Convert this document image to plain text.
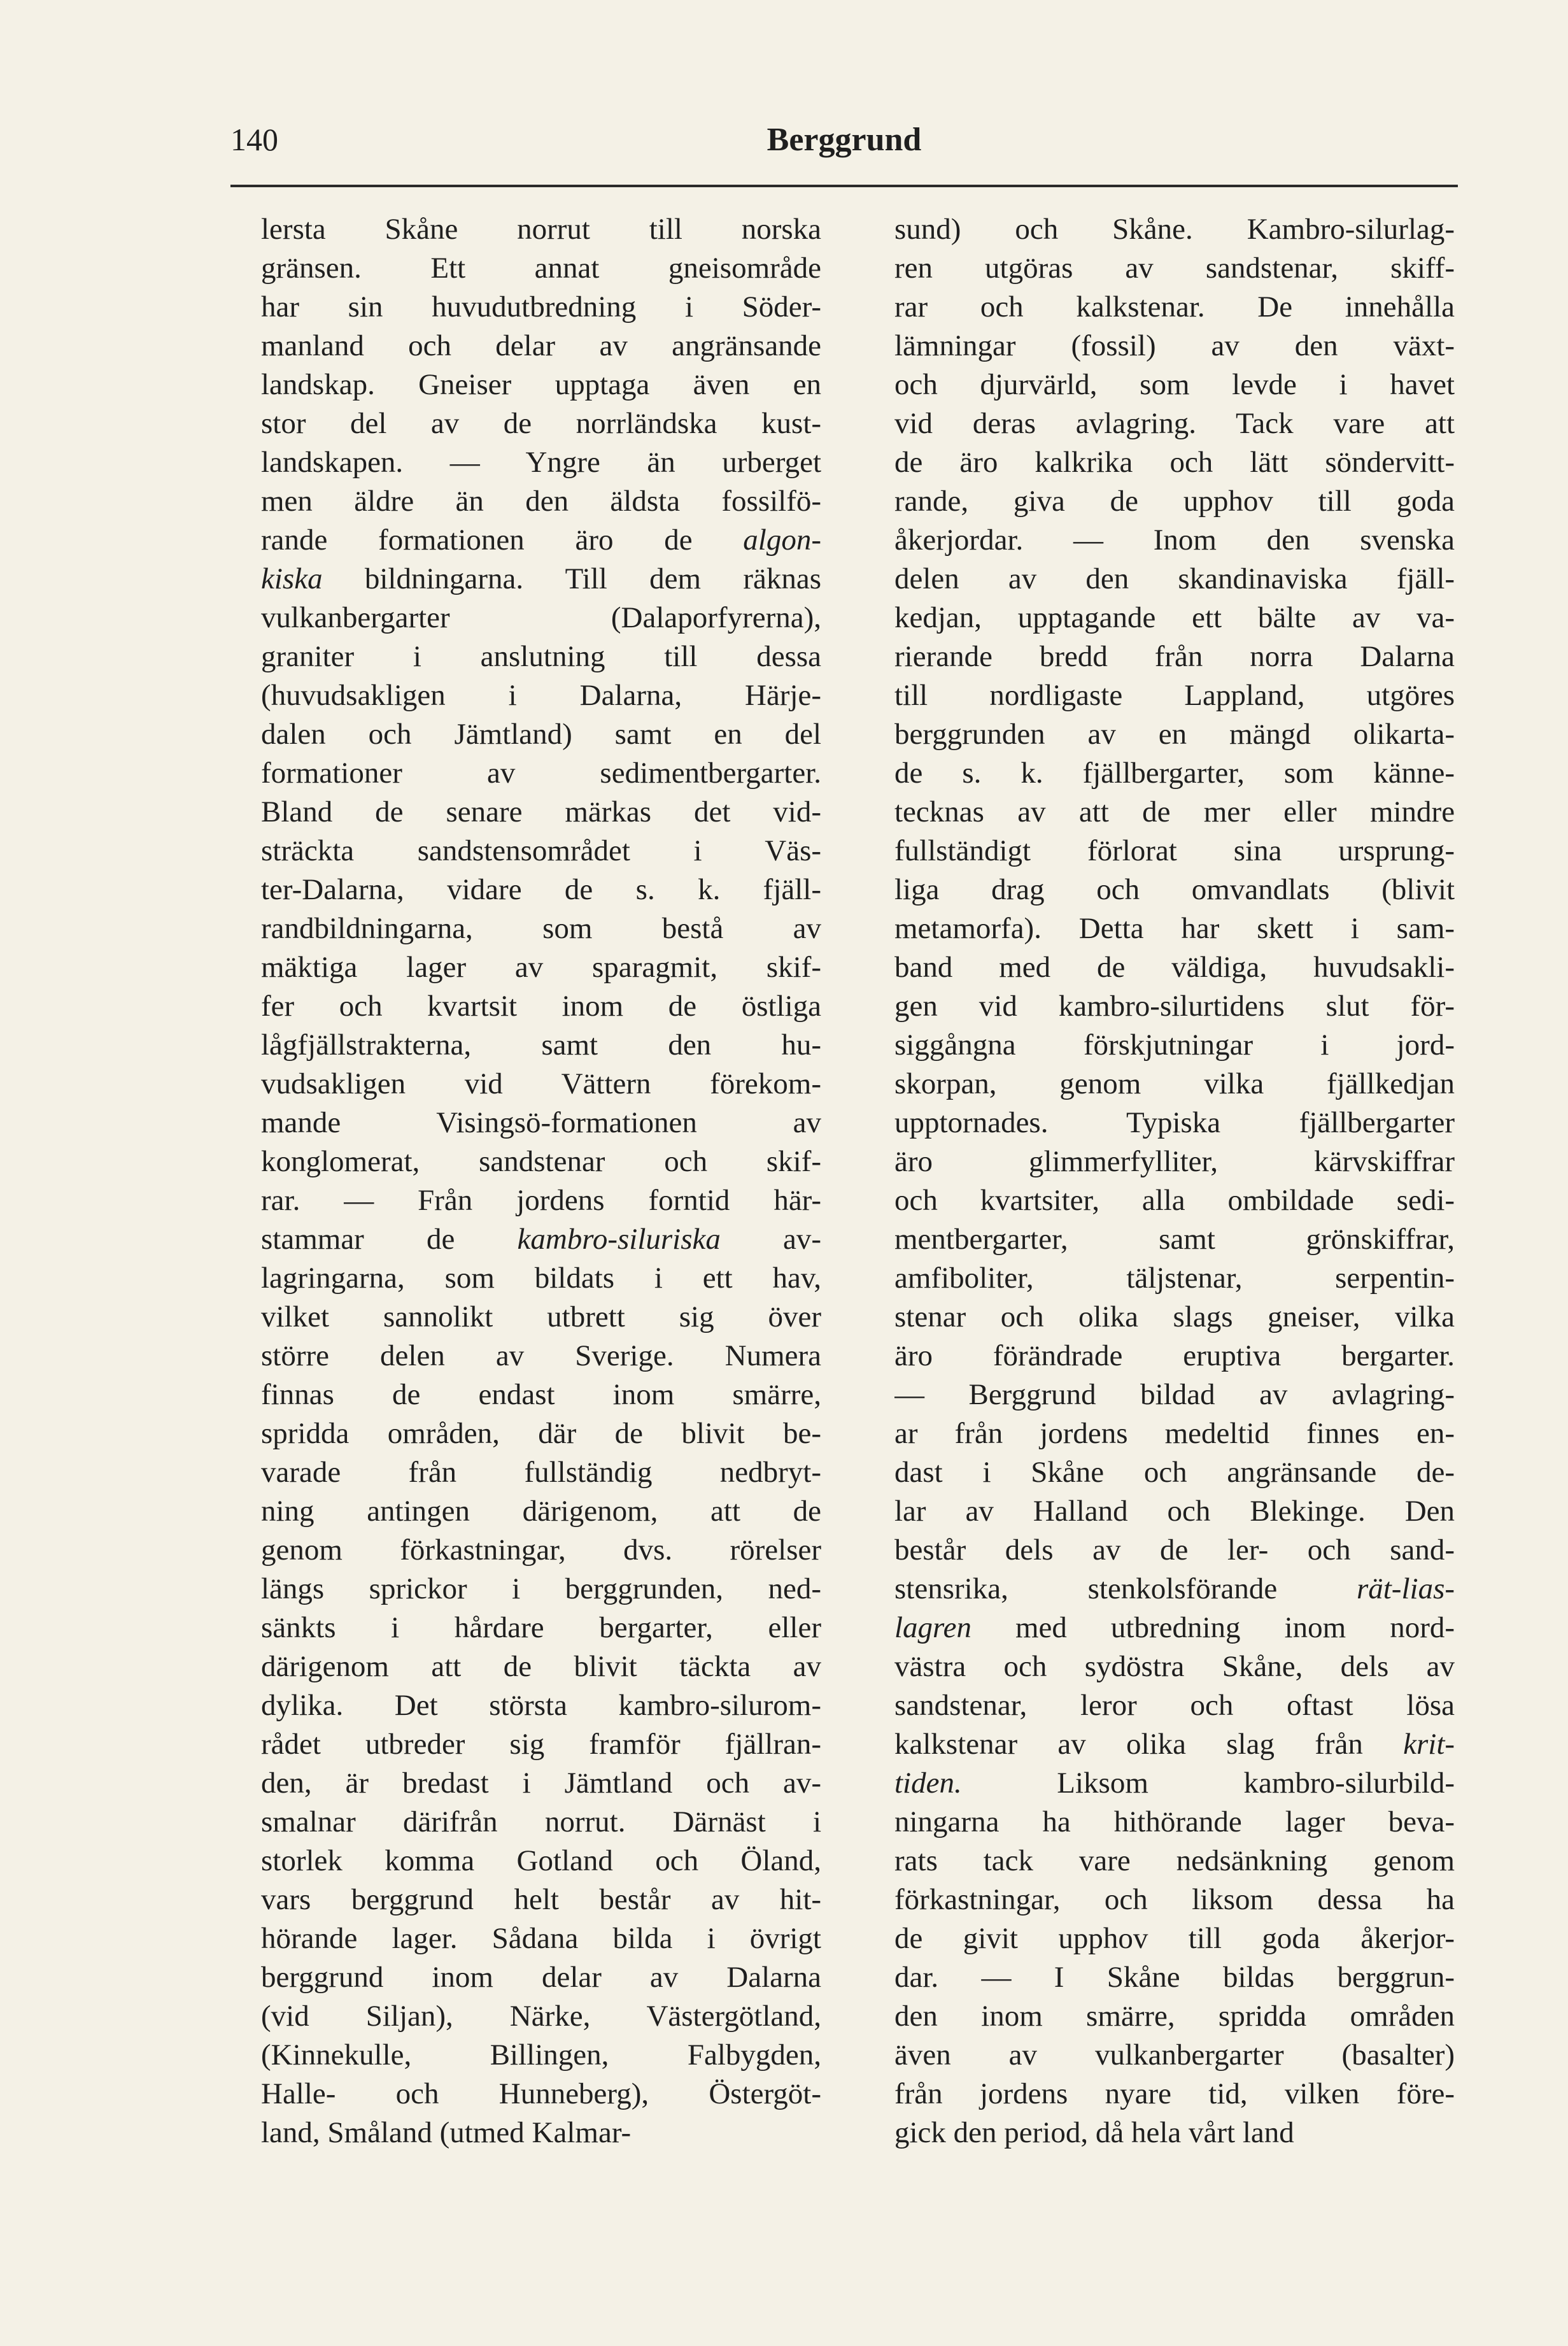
140	Berggrund
lersta Skåne norrut till norska
gränsen. Ett annat gneisområde
har sin huvudutbredning i Söder-
manland och delar av angränsande
landskap. Gneiser upptaga även en
stor del av de norrländska kust-
landskapen. — Yngre än urberget
men äldre än den äldsta fossilfö-
rande formationen äro de algon-
kiska bildningarna. Till dem räknas
vulkanbergarter	(Dalaporfyrerna),
graniter i anslutning till dessa
(huvudsakligen i Dalarna, Härje-
dalen och Jämtland) samt en del
formationer	av	sedimentbergarter.
Bland de senare märkas det vid-
sträckta sandstensområdet i Väs-
ter-Dalarna, vidare de s. k. fjäll-
randbildningarna, som bestå av
mäktiga lager av sparagmit, skif-
fer och kvartsit inom de östliga
lågfjällstrakterna, samt den hu-
vudsakligen vid Vättern förekom-
mande	Visingsö-formationen	av
konglomerat, sandstenar och skif-
rar. — Från jordens forntid här-
stammar de kambro-siluriska av-
lagringarna, som bildats i ett hav,
vilket sannolikt utbrett sig över
större delen av Sverige. Numera
finnas de endast inom smärre,
spridda områden, där de blivit be-
varade från fullständig nedbryt-
ning antingen därigenom, att de
genom förkastningar, dvs. rörelser
längs sprickor i berggrunden, ned-
sänkts i hårdare bergarter, eller
därigenom att de blivit täckta av
dylika. Det största kambro-silurom-
rådet utbreder sig framför fjällran-
den, är bredast i Jämtland och av-
smalnar därifrån norrut. Därnäst i
storlek komma Gotland och Öland,
vars berggrund helt består av hit-
hörande lager. Sådana bilda i övrigt
berggrund inom delar av Dalarna
(vid Siljan), Närke, Västergötland,
(Kinnekulle,	Billingen,	Falbygden,
Halle- och Hunneberg), Östergöt-
land, Småland (utmed Kalmar-
sund) och Skåne. Kambro-silurlag-
ren utgöras av sandstenar, skiff-
rar och kalkstenar. De innehålla
lämningar (fossil) av den växt-
och djurvärld, som levde i havet
vid deras avlagring. Tack vare att
de äro kalkrika och lätt söndervitt-
rande, giva de upphov till goda
åkerjordar. — Inom den svenska
delen av den skandinaviska fjäll-
kedjan, upptagande ett bälte av va-
rierande bredd från norra Dalarna
till nordligaste Lappland, utgöres
berggrunden av en mängd olikarta-
de s. k. fjällbergarter, som känne-
tecknas av att de mer eller mindre
fullständigt förlorat sina ursprung-
liga drag och omvandlats (blivit
metamorfa). Detta har skett i sam-
band med de väldiga, huvudsakli-
gen vid kambro-silurtidens slut för-
siggångna förskjutningar i jord-
skorpan, genom vilka fjällkedjan
upptornades.	Typiska	fjällbergarter
äro	glimmerfylliter,	kärvskiffrar
och kvartsiter, alla ombildade sedi-
mentbergarter,	samt	grönskiffrar,
amfiboliter,	täljstenar,	serpentin-
stenar och olika slags gneiser, vilka
äro förändrade eruptiva bergarter.
— Berggrund bildad av avlagring-
ar från jordens medeltid finnes en-
dast i Skåne och angränsande de-
lar av Halland och Blekinge. Den
består dels av de ler- och sand-
stensrika,	stenkolsförande	rät-lias-
lagren med utbredning inom nord-
västra och sydöstra Skåne, dels av
sandstenar, leror och oftast lösa
kalkstenar av olika slag från krit-
tiden.	Liksom	kambro-silurbild-
ningarna ha hithörande lager beva-
rats tack vare nedsänkning genom
förkastningar, och liksom dessa ha
de givit upphov till goda åkerjor-
dar. — I Skåne bildas berggrun-
den inom smärre, spridda områden
även av vulkanbergarter (basalter)
från jordens nyare tid, vilken före-
gick den period, då hela vårt land
